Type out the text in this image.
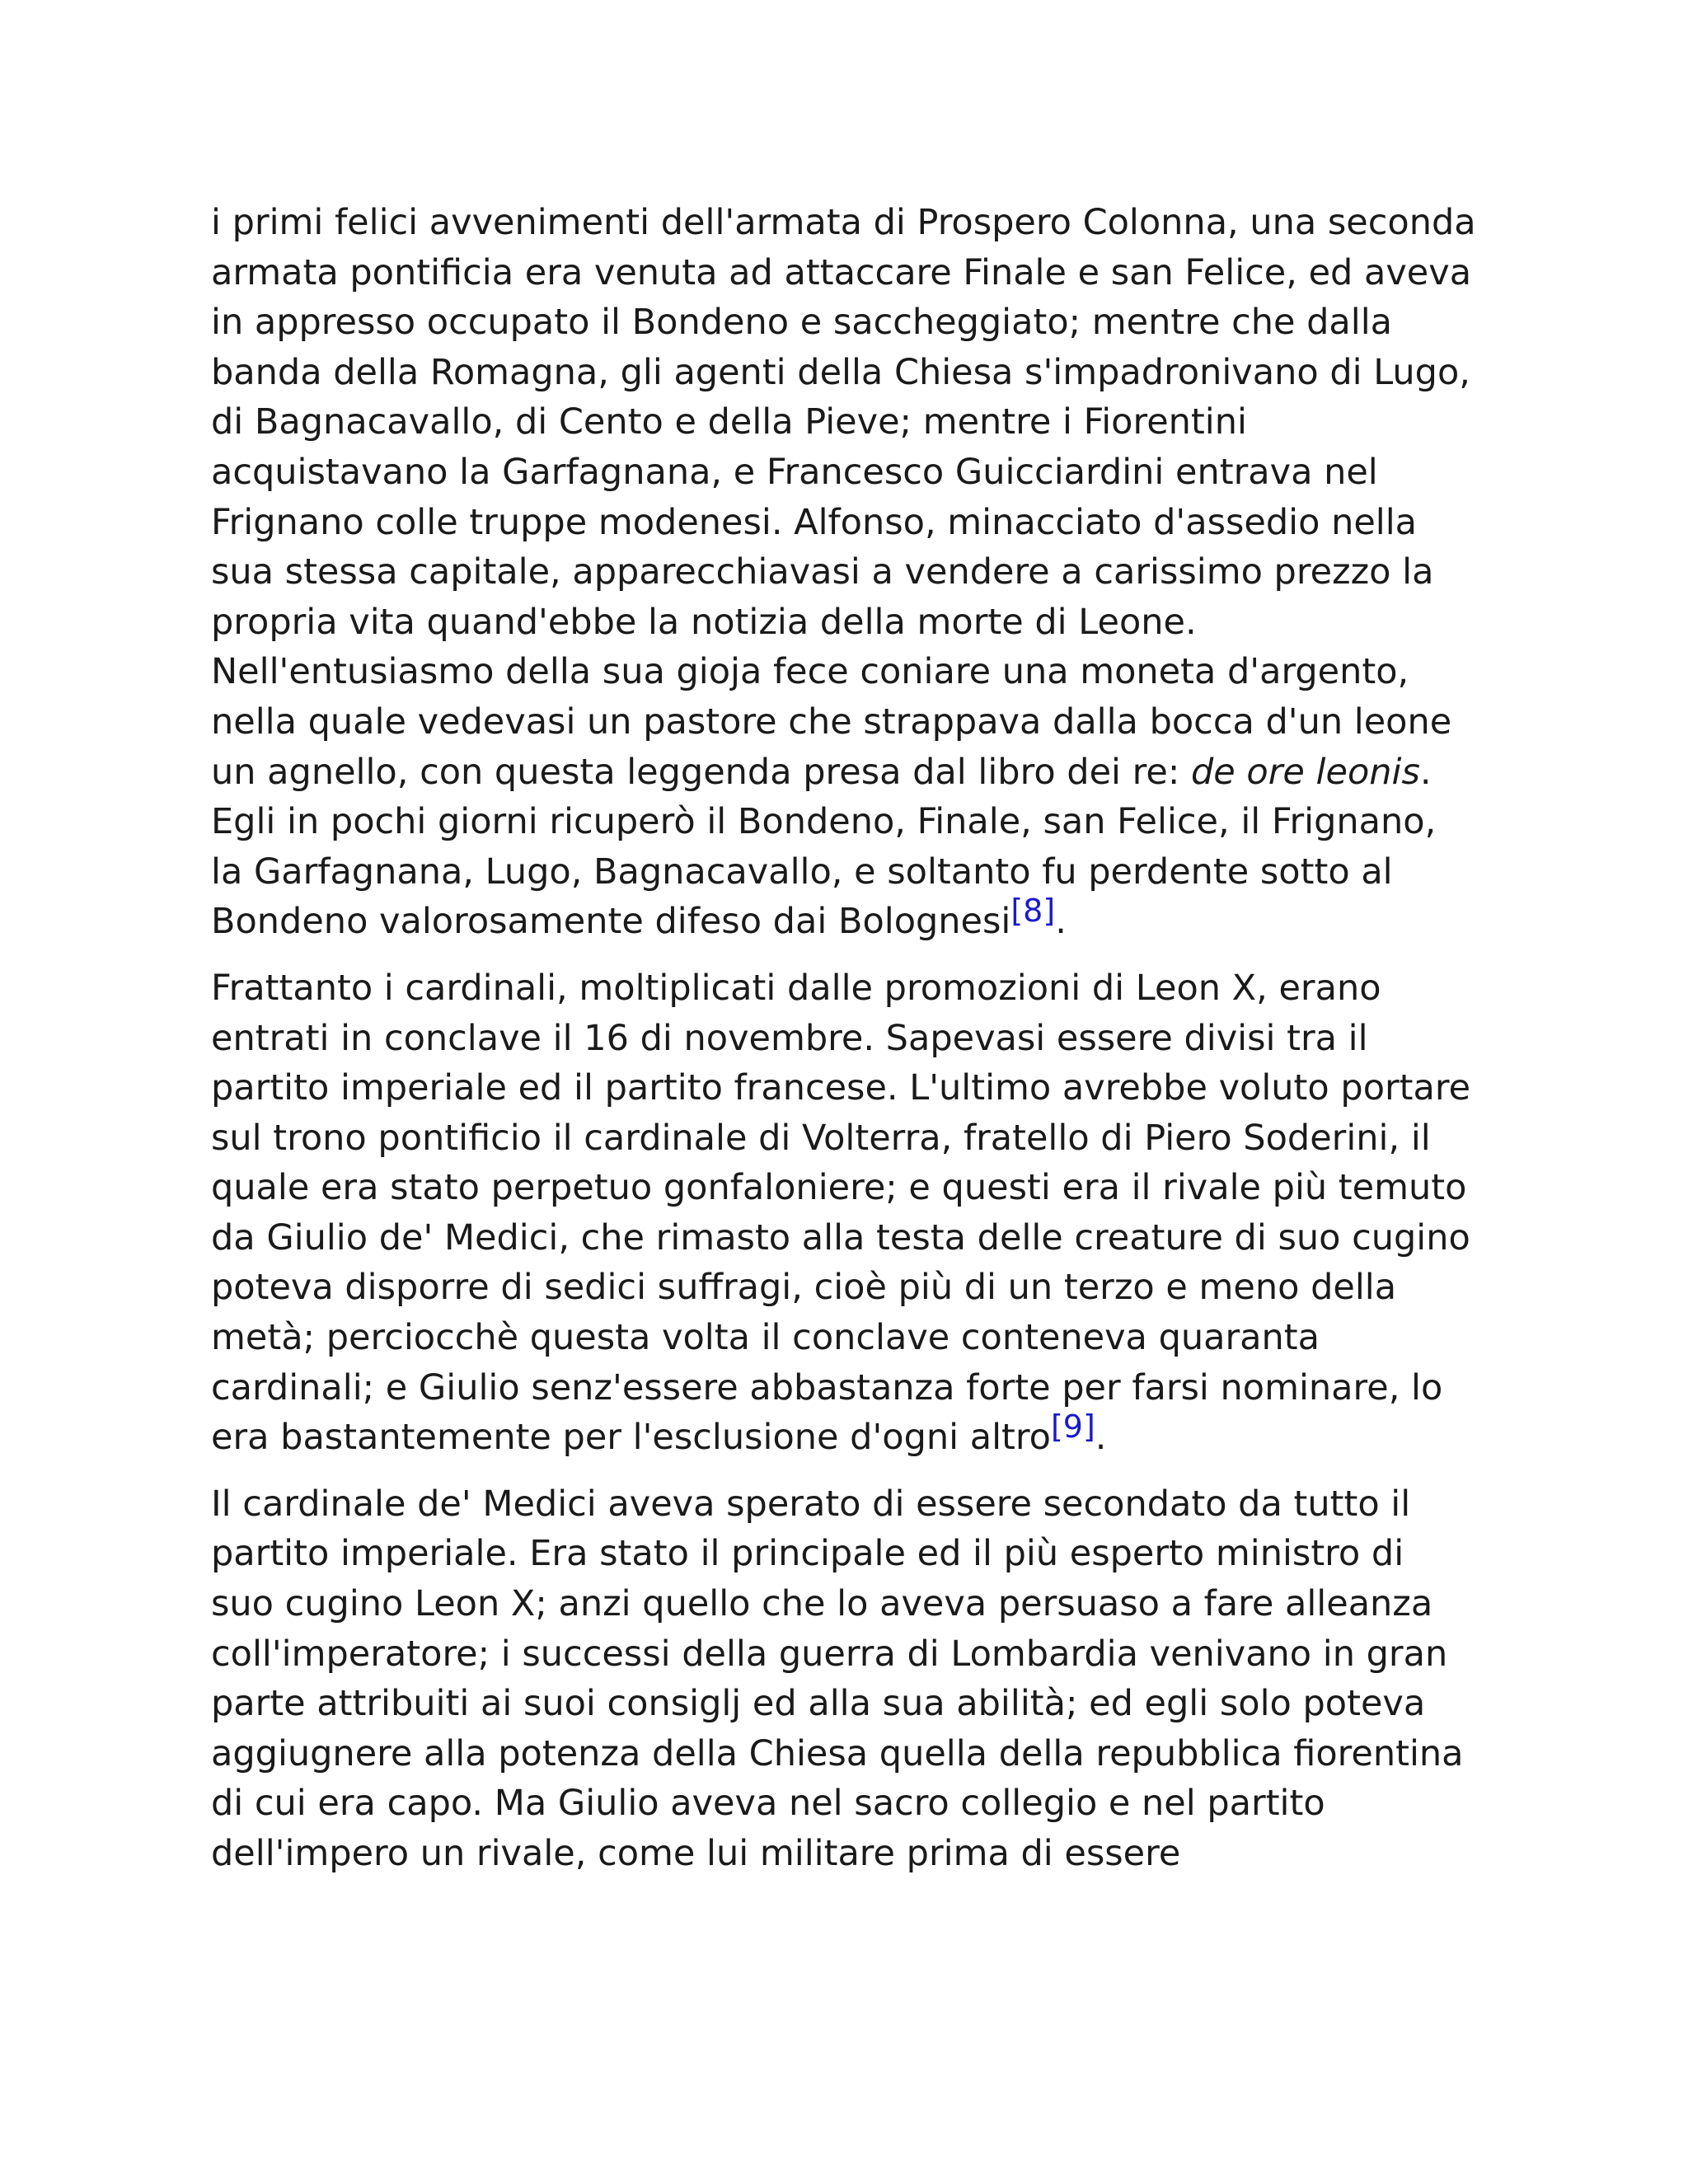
i primi felici avvenimenti dell'armata di Prospero Colonna, una seconda armata pontificia era venuta ad attaccare Finale e san Felice, ed aveva in appresso occupato il Bondeno e saccheggiato; mentre che dalla banda della Romagna, gli agenti della Chiesa s'impadronivano di Lugo, di Bagnacavallo, di Cento e della Pieve; mentre i Fiorentini acquistavano la Garfagnana, e Francesco Guicciardini entrava nel Frignano colle truppe modenesi. Alfonso, minacciato d'assedio nella sua stessa capitale, apparecchiavasi a vendere a carissimo prezzo la propria vita quand'ebbe la notizia della morte di Leone. Nell'entusiasmo della sua gioja fece coniare una moneta d'argento, nella quale vedevasi un pastore che strappava dalla bocca d'un leone un agnello, con questa leggenda presa dal libro dei re: de ore leonis. Egli in pochi giorni ricuperò il Bondeno, Finale, san Felice, il Frignano, la Garfagnana, Lugo, Bagnacavallo, e soltanto fu perdente sotto al Bondeno valorosamente difeso dai Bolognesi[8].

Frattanto i cardinali, moltiplicati dalle promozioni di Leon X, erano entrati in conclave il 16 di novembre. Sapevasi essere divisi tra il partito imperiale ed il partito francese. L'ultimo avrebbe voluto portare sul trono pontificio il cardinale di Volterra, fratello di Piero Soderini, il quale era stato perpetuo gonfaloniere; e questi era il rivale più temuto da Giulio de' Medici, che rimasto alla testa delle creature di suo cugino poteva disporre di sedici suffragi, cioè più di un terzo e meno della metà; perciocchè questa volta il conclave conteneva quaranta cardinali; e Giulio senz'essere abbastanza forte per farsi nominare, lo era bastantemente per l'esclusione d'ogni altro[9].

Il cardinale de' Medici aveva sperato di essere secondato da tutto il partito imperiale. Era stato il principale ed il più esperto ministro di suo cugino Leon X; anzi quello che lo aveva persuaso a fare alleanza coll'imperatore; i successi della guerra di Lombardia venivano in gran parte attribuiti ai suoi consiglj ed alla sua abilità; ed egli solo poteva aggiugnere alla potenza della Chiesa quella della repubblica fiorentina di cui era capo. Ma Giulio aveva nel sacro collegio e nel partito dell'impero un rivale, come lui militare prima di essere
